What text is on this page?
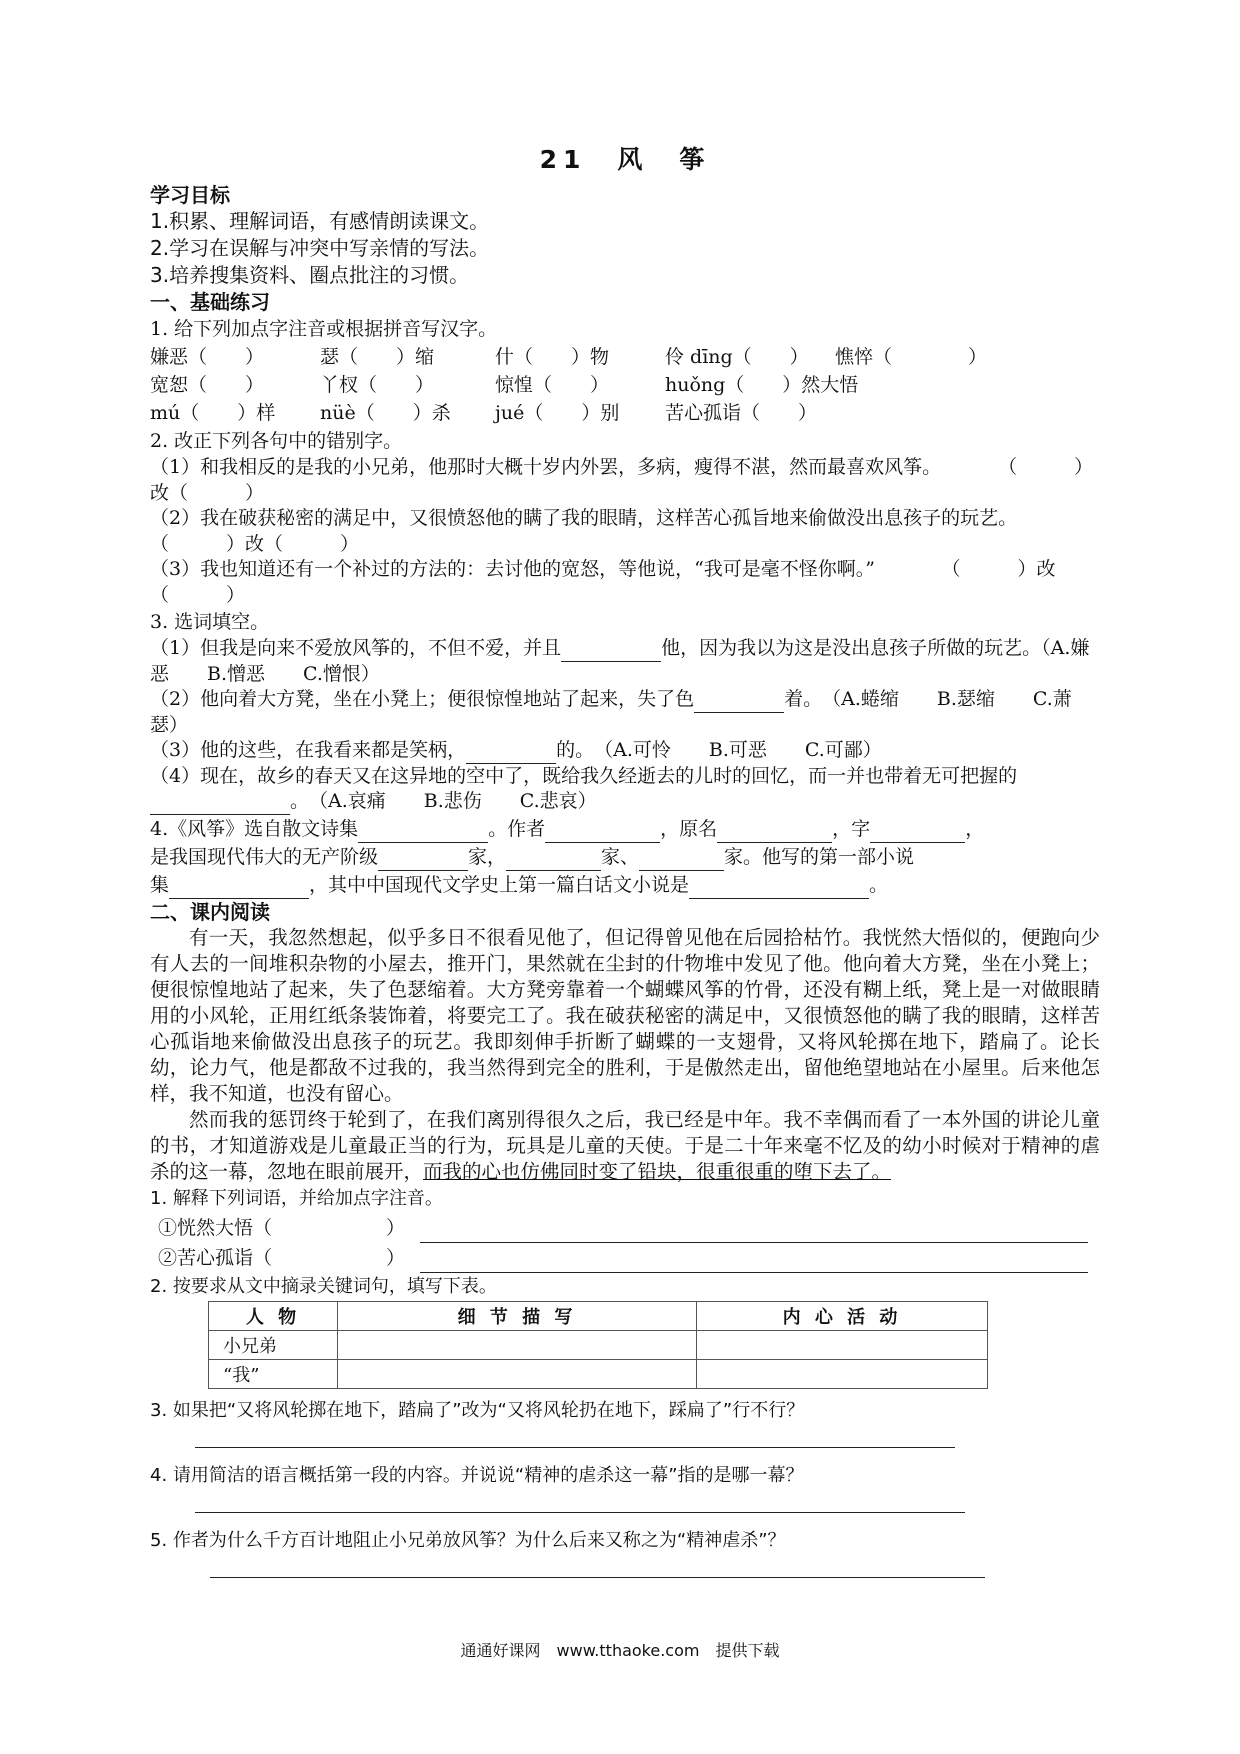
21　风　筝

学习目标

1.积累、理解词语，有感情朗读课文。

2.学习在误解与冲突中写亲情的写法。

3.培养搜集资料、圈点批注的习惯。

一、基础练习

1. 给下列加点字注音或根据拼音写汉字。

嫌恶（　　）	瑟（　　）缩	什（　　）物	伶 dīng（　　）	憔悴（　　　　）
宽恕（　　）	丫杈（　　）	惊惶（　　）	huǒng（　　）然大悟
mú（　　）样	nüè（　　）杀	jué（　　）别	苦心孤诣（　　）

2. 改正下列各句中的错别字。

（1）和我相反的是我的小兄弟，他那时大概十岁内外罢，多病，瘦得不湛，然而最喜欢风筝。　　　　	（　　　）改（　　　）

（2）我在破获秘密的满足中，又很愤怒他的瞒了我的眼睛，这样苦心孤旨地来偷做没出息孩子的玩艺。　　　　（　　　）改（　　　）

（3）我也知道还有一个补过的方法的：去讨他的宽怒，等他说，“我可是毫不怪你啊。”　　　　	（　　　）改（　　　）

3. 选词填空。

（1）但我是向来不爱放风筝的，不但不爱，并且	他，因为我以为这是没出息孩子所做的玩艺。（A.嫌恶　　B.憎恶　　C.憎恨）

（2）他向着大方凳，坐在小凳上；便很惊惶地站了起来，失了色	着。　（A.蜷缩　　B.瑟缩　　C.萧瑟）

（3）他的这些，在我看来都是笑柄，	的。　（A.可怜　　B.可恶　　C.可鄙）

（4）现在，故乡的春天又在这异地的空中了，既给我久经逝去的儿时的回忆，而一并也带着无可把握的。　（A.哀痛　　B.悲伤　　C.悲哀）

4.《风筝》选自散文诗集	。作者	，原名	，字	，
是我国现代伟大的无产阶级	家，	家、	家。他写的第一部小说
集	，其中中国现代文学史上第一篇白话文小说是	。

二、课内阅读

有一天，我忽然想起，似乎多日不很看见他了，但记得曾见他在后园拾枯竹。我恍然大悟似的，便跑向少有人去的一间堆积杂物的小屋去，推开门，果然就在尘封的什物堆中发见了他。他向着大方凳，坐在小凳上；便很惊惶地站了起来，失了色瑟缩着。大方凳旁靠着一个蝴蝶风筝的竹骨，还没有糊上纸，凳上是一对做眼睛用的小风轮，正用红纸条装饰着，将要完工了。我在破获秘密的满足中，又很愤怒他的瞒了我的眼睛，这样苦心孤诣地来偷做没出息孩子的玩艺。我即刻伸手折断了蝴蝶的一支翅骨，又将风轮掷在地下，踏扁了。论长幼，论力气，他是都敌不过我的，我当然得到完全的胜利，于是傲然走出，留他绝望地站在小屋里。后来他怎样，我不知道，也没有留心。

然而我的惩罚终于轮到了，在我们离别得很久之后，我已经是中年。我不幸偶而看了一本外国的讲论儿童的书，才知道游戏是儿童最正当的行为，玩具是儿童的天使。于是二十年来毫不忆及的幼小时候对于精神的虐杀的这一幕，忽地在眼前展开，而我的心也仿佛同时变了铅块，很重很重的堕下去了。

1. 解释下列词语，并给加点字注音。

①恍然大悟（　　　　　　）
②苦心孤诣（　　　　　　）

2. 按要求从文中摘录关键词句，填写下表。

人 物	细 节 描 写	内 心 活 动
小兄弟		
“我”		

3. 如果把“又将风轮掷在地下，踏扁了”改为“又将风轮扔在地下，踩扁了”行不行？

4. 请用简洁的语言概括第一段的内容。并说说“精神的虐杀这一幕”指的是哪一幕？

5. 作者为什么千方百计地阻止小兄弟放风筝？为什么后来又称之为“精神虐杀”？

通通好课网　www.tthaoke.com　提供下载
